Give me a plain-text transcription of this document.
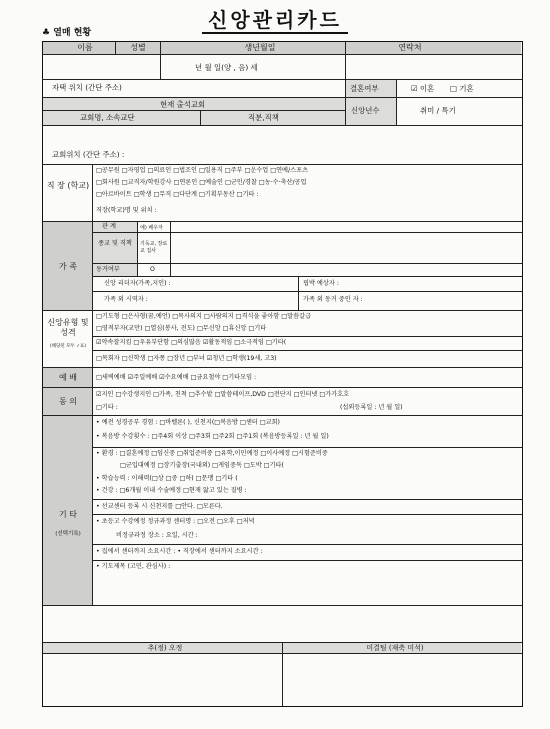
신앙관리카드
♣ 열매 현황
이름	성별	생년월일	연락처
년 월 일(양 , 음) 세
자택 위치 (간단 주소)	결혼여부	☑ 이혼 □ 기혼
현재 출석교회
교회명, 소속교단	직분,직책
신앙년수	취미 / 특기
교회위치 (간단 주소) :
직 장 (학교)
□공무원 □자영업 □의료인 □법조인 □일용직 □주부 □운수업 □연예/스포츠
□회사원 □교직자/학원강사 □연론인 □예술인 □군인/경찰 □농·수·축산/공업
□아르바이트 □학생 □무직 □다단계 □기획부동산 □기타 :
직장(학교)명 및 위치 :
가 족
관 계	예) 배우자
종교 및 직책	기독교, 장로교 집사
동거여부	O
신앙 리더자(가족,지인) :	핍박 예상자 :
가족 외 시역자 :	가족 외 동거 중인 자 :
신앙유형 및 성격
(해당된 모두 ✓표)
□기도형 □은사형(꿈,예언) □목사의지 □사람의지 □격식을 좋아함 □말씀갈급
□영적부자(교만) □열심(봉사, 전도) □무신앙 □휴신앙 □기타
☑약속잘지킴 □우유부단함 □의심많음 ☑활동적임 □소극적임 □기타(
□목회자 □신학생 □자퐁 □장년 □부녀 ☑청년 □학생(19세, 고3)
예 배	□새벽예배 ☑주일예배 ☑수요예배 □금요철야 □기타모임 :
동 의
☑지인 □수강생지인 □가족, 친척 □추수밭 □말씀테이프,DVD □전단지 □인터넷 □가가호호
□기타 :	(섭외등록일 : 년 월 일)
기 타
(선택기록)
• 예전 성경공부 경험 : □바벨론( ), 신천지(□복음방 □센터 □교회)
• 복음방 수강횟수 : □주4회 이상 □주3회 □주2회 □주1회 (복음방등록일 : 년 월 일)
• 환경 : □결혼예정 □임신중 □취업준비중 □유학,이민예정 □이사예정 □시험준비중
□군입대예정 □장기출장(국내외) □게임중독 □도박 □기타(
• 학습능력 : 이해력(□상 □중 □하) □문맹 □기타 (
• 건강 : □6개월 이내 수술예정 □현재 앓고 있는 질병 :
• 선교센터 등록 시 신천지를 □안다. □모른다.
• 초등고 수강예정 정규과정 센터명 : □오전 □오후 □저녁
비정규과정 장소 : 요일, 시간 :
• 집에서 센터까지 소요시간 : • 직장에서 센터까지 소요시간 :
• 기도제목 (고민, 관심사) :
추(정) 오정	미결팀 (재축 미석)
